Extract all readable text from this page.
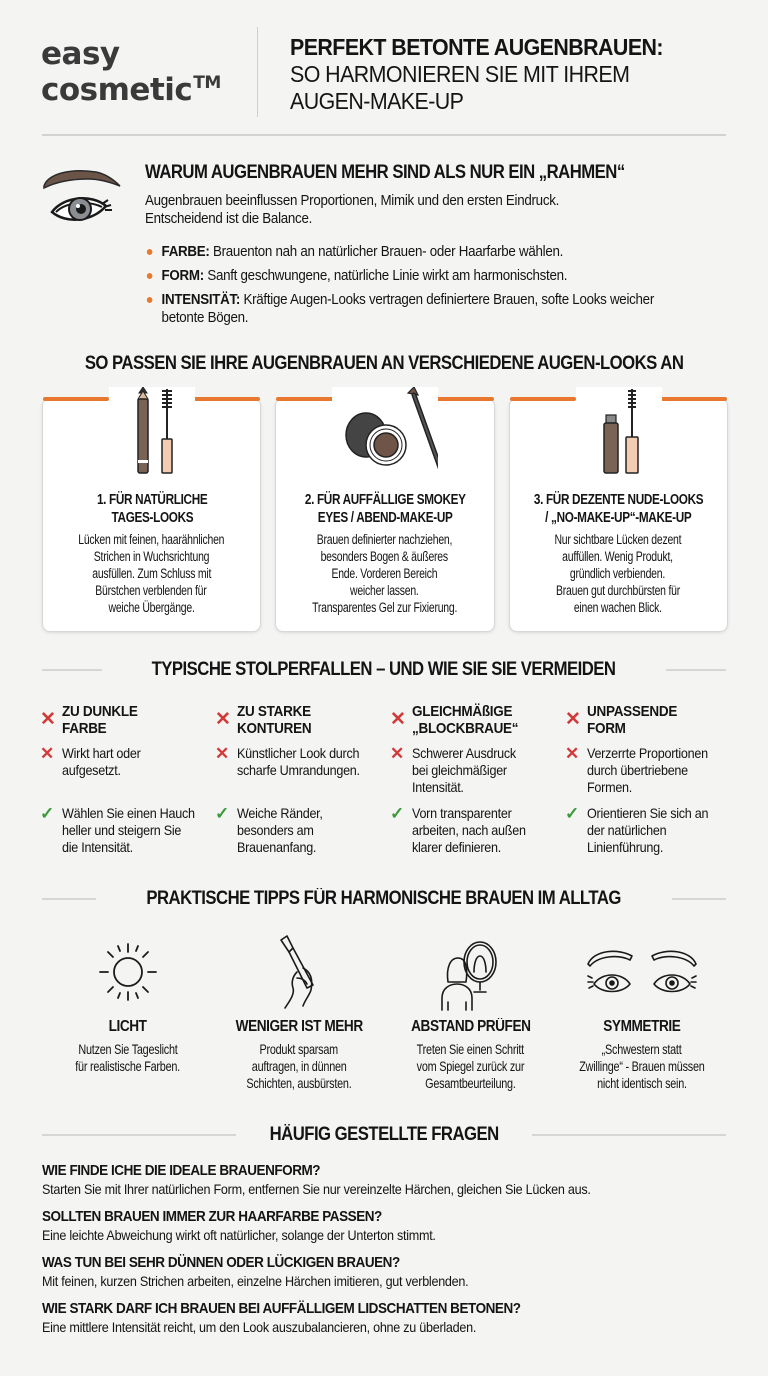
easy
cosmetic™
PERFEKT BETONTE AUGENBRAUEN:
SO HARMONIEREN SIE MIT IHREM
AUGEN-MAKE-UP
WARUM AUGENBRAUEN MEHR SIND ALS NUR EIN „RAHMEN“
Augenbrauen beeinflussen Proportionen, Mimik und den ersten Eindruck.
Entscheidend ist die Balance.
FARBE: Brauenton nah an natürlicher Brauen- oder Haarfarbe wählen.
FORM: Sanft geschwungene, natürliche Linie wirkt am harmonischsten.
INTENSITÄT: Kräftige Augen-Looks vertragen definiertere Brauen, softe Looks weicher betonte Bögen.
SO PASSEN SIE IHRE AUGENBRAUEN AN VERSCHIEDENE AUGEN-LOOKS AN
1. FÜR NATÜRLICHE
TAGES-LOOKS
Lücken mit feinen, haarähnlichen
Strichen in Wuchsrichtung
ausfüllen. Zum Schluss mit
Bürstchen verblenden für
weiche Übergänge.
2. FÜR AUFFÄLLIGE SMOKEY
EYES / ABEND-MAKE-UP
Brauen definierter nachziehen,
besonders Bogen & äußeres
Ende. Vorderen Bereich
weicher lassen.
Transparentes Gel zur Fixierung.
3. FÜR DEZENTE NUDE-LOOKS
/ „NO-MAKE-UP“-MAKE-UP
Nur sichtbare Lücken dezent
auffüllen. Wenig Produkt,
gründlich verbienden.
Brauen gut durchbürsten für
einen wachen Blick.
TYPISCHE STOLPERFALLEN – UND WIE SIE SIE VERMEIDEN
✕ ZU DUNKLE
FARBE
✕ Wirkt hart oder
aufgesetzt.
✓ Wählen Sie einen Hauch
heller und steigern Sie
die Intensität.
✕ ZU STARKE
KONTUREN
✕ Künstlicher Look durch
scharfe Umrandungen.
✓ Weiche Ränder,
besonders am
Brauenanfang.
✕ GLEICHMÄßIGE
„BLOCKBRAUE“
✕ Schwerer Ausdruck
bei gleichmäßiger
Intensität.
✓ Vorn transparenter
arbeiten, nach außen
klarer definieren.
✕ UNPASSENDE
FORM
✕ Verzerrte Proportionen
durch übertriebene
Formen.
✓ Orientieren Sie sich an
der natürlichen
Linienführung.
PRAKTISCHE TIPPS FÜR HARMONISCHE BRAUEN IM ALLTAG
LICHT
Nutzen Sie Tageslicht
für realistische Farben.
WENIGER IST MEHR
Produkt sparsam
auftragen, in dünnen
Schichten, ausbürsten.
ABSTAND PRÜFEN
Treten Sie einen Schritt
vom Spiegel zurück zur
Gesamtbeurteilung.
SYMMETRIE
„Schwestern statt
Zwillinge“ - Brauen müssen
nicht identisch sein.
HÄUFIG GESTELLTE FRAGEN
WIE FINDE ICHE DIE IDEALE BRAUENFORM?
Starten Sie mit Ihrer natürlichen Form, entfernen Sie nur vereinzelte Härchen, gleichen Sie Lücken aus.
SOLLTEN BRAUEN IMMER ZUR HAARFARBE PASSEN?
Eine leichte Abweichung wirkt oft natürlicher, solange der Unterton stimmt.
WAS TUN BEI SEHR DÜNNEN ODER LÜCKIGEN BRAUEN?
Mit feinen, kurzen Strichen arbeiten, einzelne Härchen imitieren, gut verblenden.
WIE STARK DARF ICH BRAUEN BEI AUFFÄLLIGEM LIDSCHATTEN BETONEN?
Eine mittlere Intensität reicht, um den Look auszubalancieren, ohne zu überladen.
